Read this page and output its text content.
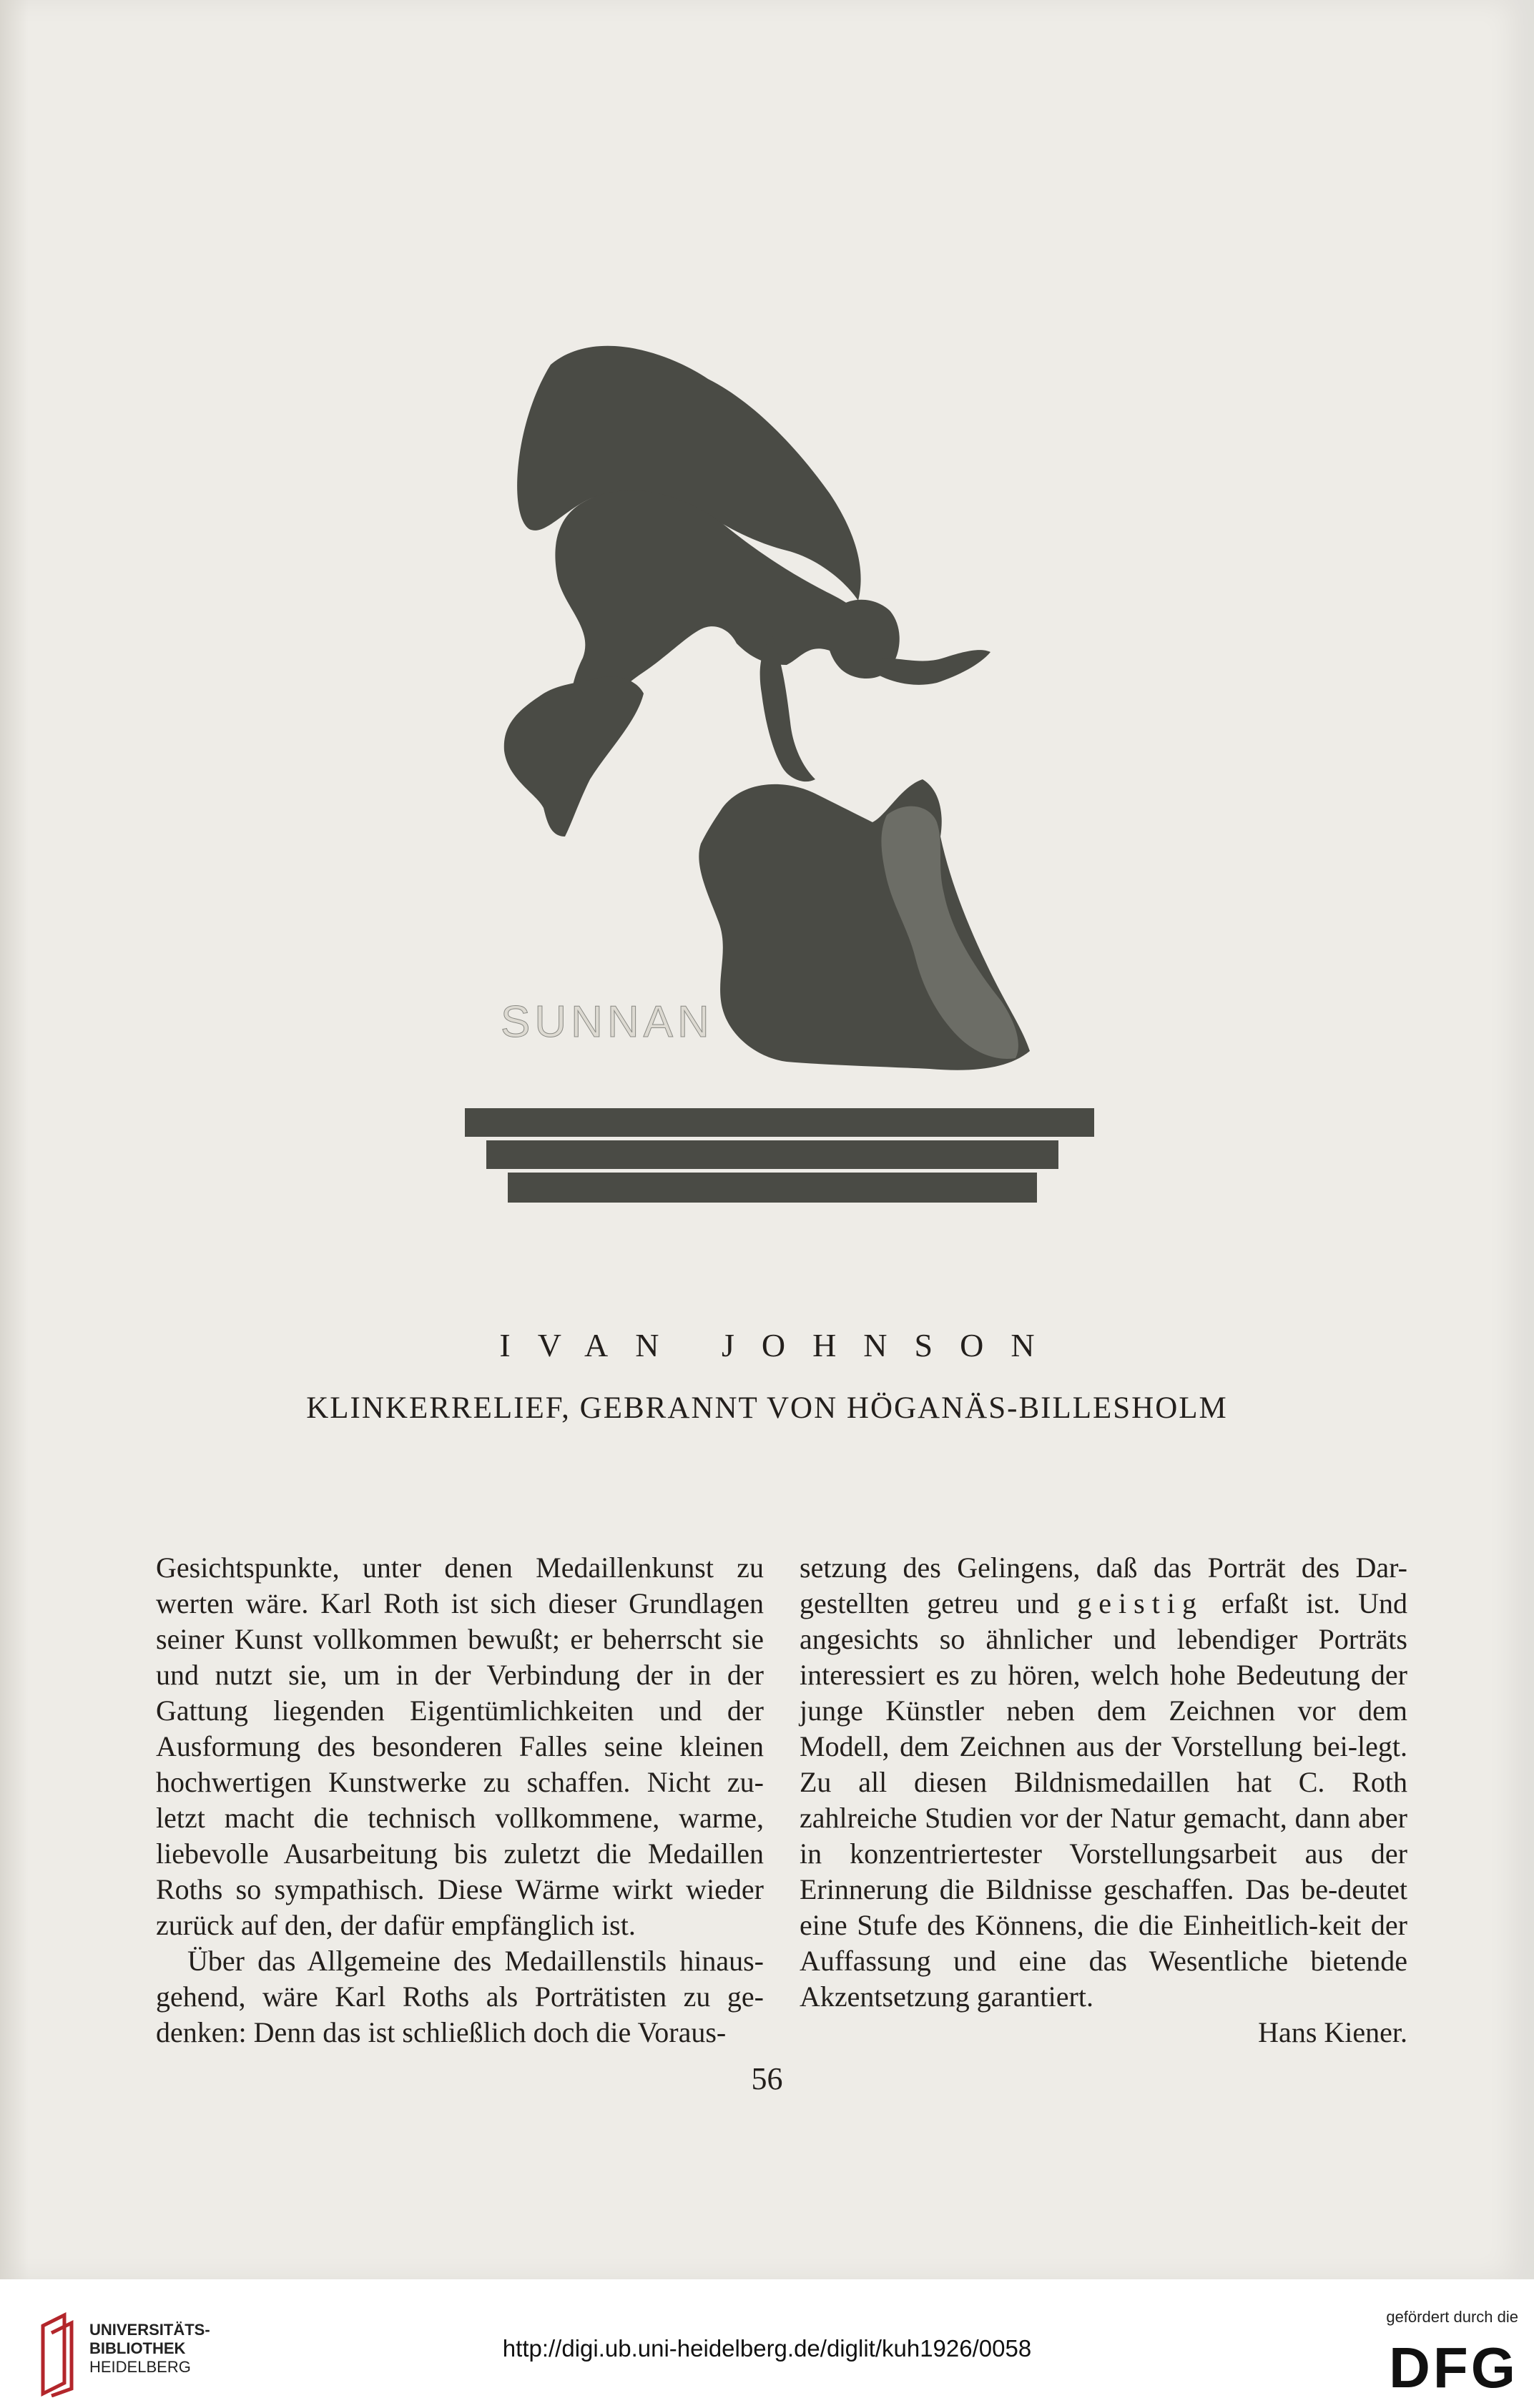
SUNNAN
IVAN JOHNSON
KLINKERRELIEF, GEBRANNT VON HÖGANÄS-BILLESHOLM

Gesichtspunkte, unter denen Medaillenkunst zu werten wäre. Karl Roth ist sich dieser Grundlagen seiner Kunst vollkommen bewußt; er beherrscht sie und nutzt sie, um in der Verbindung der in der Gattung liegenden Eigentümlichkeiten und der Ausformung des besonderen Falles seine kleinen hochwertigen Kunstwerke zu schaffen. Nicht zu-letzt macht die technisch vollkommene, warme, liebevolle Ausarbeitung bis zuletzt die Medaillen Roths so sympathisch. Diese Wärme wirkt wieder zurück auf den, der dafür empfänglich ist.

Über das Allgemeine des Medaillenstils hinaus-gehend, wäre Karl Roths als Porträtisten zu ge-denken: Denn das ist schließlich doch die Voraus-

setzung des Gelingens, daß das Porträt des Dar-gestellten getreu und geistig erfaßt ist. Und angesichts so ähnlicher und lebendiger Porträts interessiert es zu hören, welch hohe Bedeutung der junge Künstler neben dem Zeichnen vor dem Modell, dem Zeichnen aus der Vorstellung bei-legt. Zu all diesen Bildnismedaillen hat C. Roth zahlreiche Studien vor der Natur gemacht, dann aber in konzentriertester Vorstellungsarbeit aus der Erinnerung die Bildnisse geschaffen. Das be-deutet eine Stufe des Könnens, die die Einheitlich-keit der Auffassung und eine das Wesentliche bietende Akzentsetzung garantiert.

Hans Kiener.

56
UNIVERSITÄTS-
BIBLIOTHEK
HEIDELBERG
http://digi.ub.uni-heidelberg.de/diglit/kuh1926/0058
gefördert durch die
DFG
